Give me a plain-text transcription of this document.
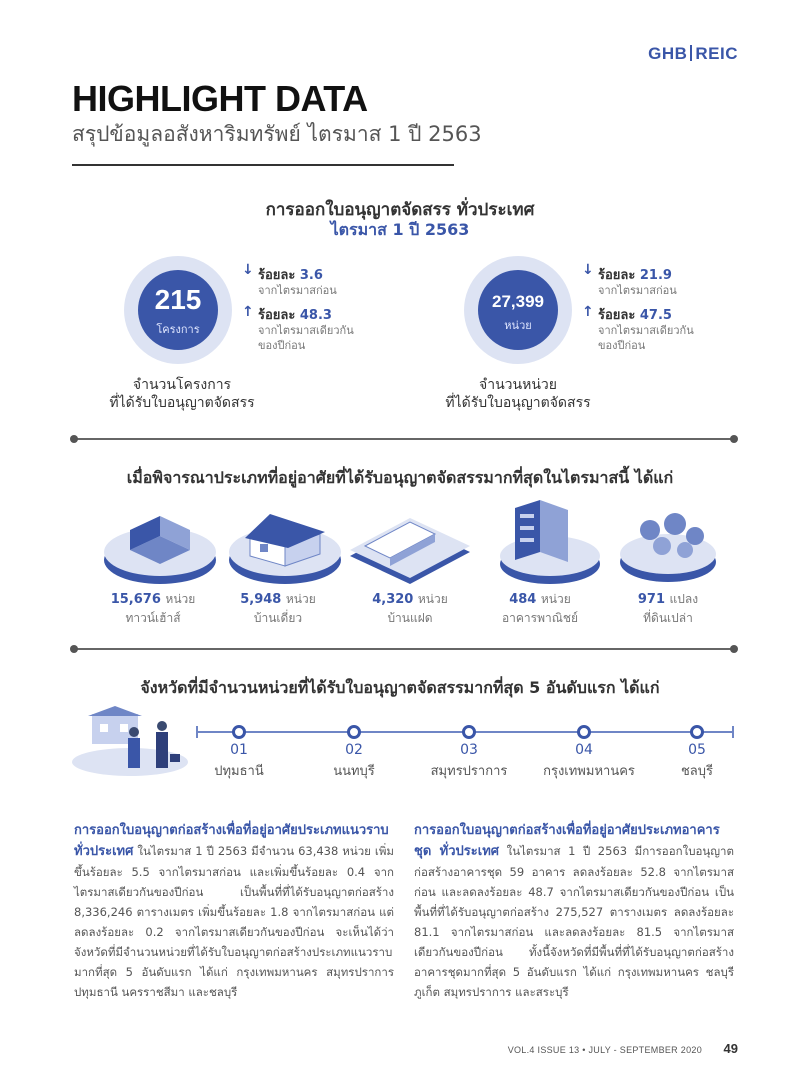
GHB REIC
HIGHLIGHT DATA
สรุปข้อมูลอสังหาริมทรัพย์ ไตรมาส 1 ปี 2563
การออกใบอนุญาตจัดสรร ทั่วประเทศ
ไตรมาส 1 ปี 2563
215
โครงการ
↓ ร้อยละ 3.6
จากไตรมาสก่อน
↑ ร้อยละ 48.3
จากไตรมาสเดียวกัน
ของปีก่อน
จำนวนโครงการ
ที่ได้รับใบอนุญาตจัดสรร
27,399
หน่วย
↓ ร้อยละ 21.9
จากไตรมาสก่อน
↑ ร้อยละ 47.5
จากไตรมาสเดียวกัน
ของปีก่อน
จำนวนหน่วย
ที่ได้รับใบอนุญาตจัดสรร
เมื่อพิจารณาประเภทที่อยู่อาศัยที่ได้รับอนุญาตจัดสรรมากที่สุดในไตรมาสนี้ ได้แก่
15,676 หน่วย
ทาวน์เฮ้าส์
5,948 หน่วย
บ้านเดี่ยว
4,320 หน่วย
บ้านแฝด
484 หน่วย
อาคารพาณิชย์
971 แปลง
ที่ดินเปล่า
จังหวัดที่มีจำนวนหน่วยที่ได้รับใบอนุญาตจัดสรรมากที่สุด 5 อันดับแรก ได้แก่
01	02	03	04	05
ปทุมธานี	นนทบุรี	สมุทรปราการ	กรุงเทพมหานคร	ชลบุรี
การออกใบอนุญาตก่อสร้างเพื่อที่อยู่อาศัยประเภทแนวราบ ทั่วประเทศ ในไตรมาส 1 ปี 2563 มีจำนวน 63,438 หน่วย เพิ่มขึ้นร้อยละ 5.5 จากไตรมาสก่อน และเพิ่มขึ้นร้อยละ 0.4 จากไตรมาสเดียวกันของปีก่อน เป็นพื้นที่ที่ได้รับอนุญาตก่อสร้าง 8,336,246 ตารางเมตร เพิ่มขึ้นร้อยละ 1.8 จากไตรมาสก่อน แต่ลดลงร้อยละ 0.2 จากไตรมาสเดียวกันของปีก่อน จะเห็นได้ว่าจังหวัดที่มีจำนวนหน่วยที่ได้รับใบอนุญาตก่อสร้างประเภทแนวราบมากที่สุด 5 อันดับแรก ได้แก่ กรุงเทพมหานคร สมุทรปราการ ปทุมธานี นครราชสีมา และชลบุรี
การออกใบอนุญาตก่อสร้างเพื่อที่อยู่อาศัยประเภทอาคารชุด ทั่วประเทศ ในไตรมาส 1 ปี 2563 มีการออกใบอนุญาตก่อสร้างอาคารชุด 59 อาคาร ลดลงร้อยละ 52.8 จากไตรมาสก่อน และลดลงร้อยละ 48.7 จากไตรมาสเดียวกันของปีก่อน เป็นพื้นที่ที่ได้รับอนุญาตก่อสร้าง 275,527 ตารางเมตร ลดลงร้อยละ 81.1 จากไตรมาสก่อน และลดลงร้อยละ 81.5 จากไตรมาสเดียวกันของปีก่อน ทั้งนี้จังหวัดที่มีพื้นที่ที่ได้รับอนุญาตก่อสร้างอาคารชุดมากที่สุด 5 อันดับแรก ได้แก่ กรุงเทพมหานคร ชลบุรี ภูเก็ต สมุทรปราการ และสระบุรี
VOL.4 ISSUE 13 • JULY - SEPTEMBER 2020 49
